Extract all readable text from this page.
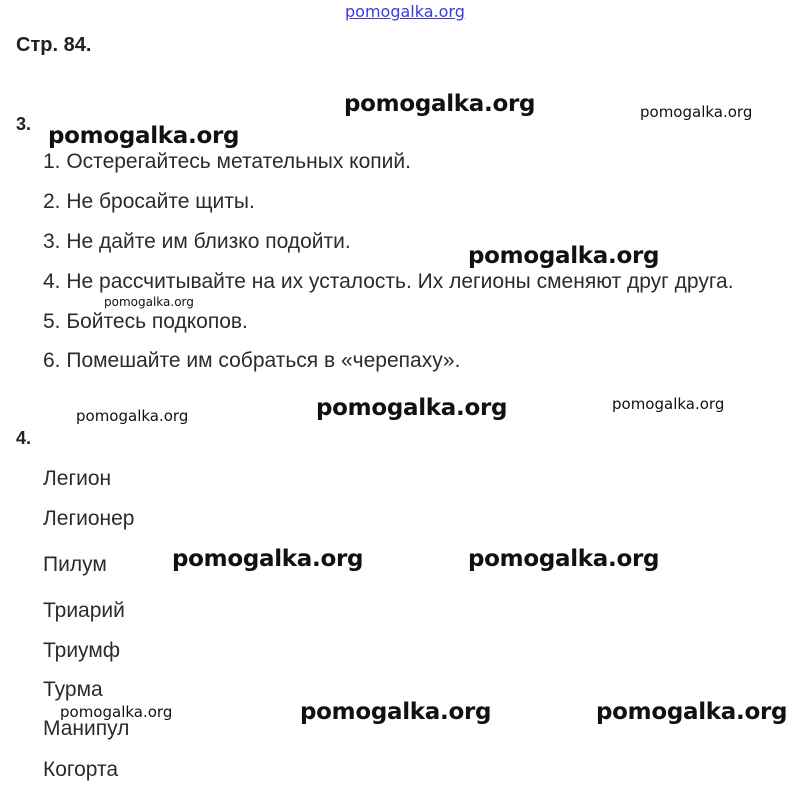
pomogalka.org
Стр. 84.
3.
1. Остерегайтесь метательных копий.
2. Не бросайте щиты.
3. Не дайте им близко подойти.
4. Не рассчитывайте на их усталость. Их легионы сменяют друг друга.
5. Бойтесь подкопов.
6. Помешайте им собраться в «черепаху».
4.
Легион
Легионер
Пилум
Триарий
Триумф
Турма
Манипул
Когорта
pomogalka.org	pomogalka.org
pomogalka.org
pomogalka.org
pomogalka.org
pomogalka.org	pomogalka.org	pomogalka.org
pomogalka.org	pomogalka.org
pomogalka.org	pomogalka.org	pomogalka.org
